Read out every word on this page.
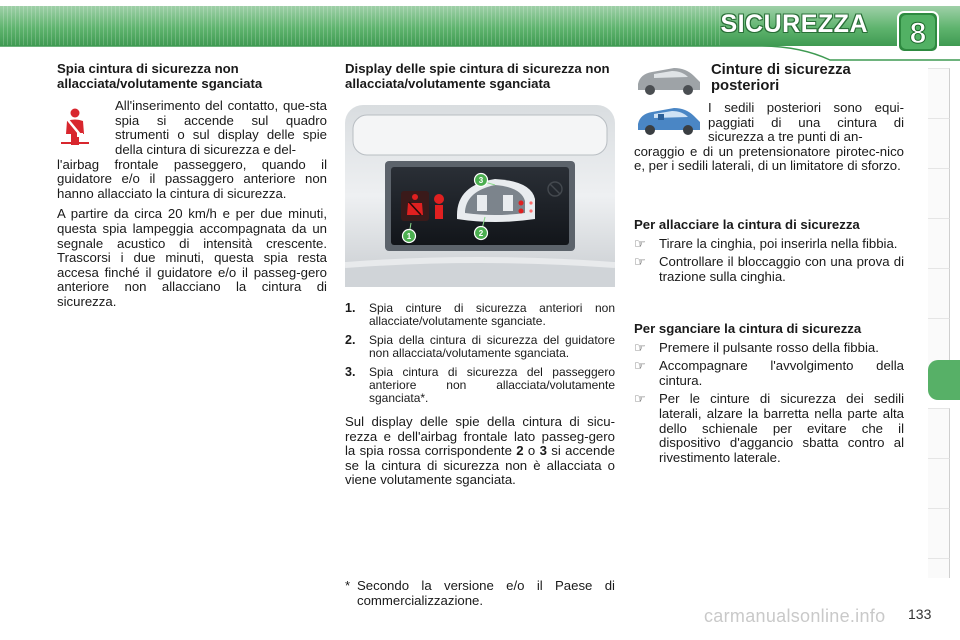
SICUREZZA 8
Spia cintura di sicurezza non allacciata/volutamente sganciata
All'inserimento del contatto, que-sta spia si accende sul quadro strumenti o sul display delle spie della cintura di sicurezza e del-
l'airbag frontale passeggero, quando il guidatore e/o il passaggero anteriore non hanno allacciato la cintura di sicurezza.
A partire da circa 20 km/h e per due minuti, questa spia lampeggia accompagnata da un segnale acustico di intensità crescente. Trascorsi i due minuti, questa spia resta accesa finché il guidatore e/o il passeg-gero anteriore non allacciano la cintura di sicurezza.
Display delle spie cintura di sicurezza non allacciata/volutamente sganciata
1	2
3
1.	Spia cinture di sicurezza anteriori non allacciate/volutamente sganciate.
2.	Spia della cintura di sicurezza del guidatore non allacciata/volutamente sganciata.
3.	Spia cintura di sicurezza del passeggero anteriore non allacciata/volutamente sganciata*.
Sul display delle spie della cintura di sicu-rezza e dell'airbag frontale lato passeg-gero la spia rossa corrispondente 2 o 3 si accende se la cintura di sicurezza non è allacciata o viene volutamente sganciata.
* Secondo la versione e/o il Paese di commercializzazione.
Cinture di sicurezza posteriori
I sedili posteriori sono equi-paggiati di una cintura di sicurezza a tre punti di an-
coraggio e di un pretensionatore pirotec-nico e, per i sedili laterali, di un limitatore di sforzo.
Per allacciare la cintura di sicurezza
☞	Tirare la cinghia, poi inserirla nella fibbia.
☞	Controllare il bloccaggio con una prova di trazione sulla cinghia.
Per sganciare la cintura di sicurezza
☞	Premere il pulsante rosso della fibbia.
☞	Accompagnare l'avvolgimento della cintura.
☞	Per le cinture di sicurezza dei sedili laterali, alzare la barretta nella parte alta dello schienale per evitare che il dispositivo d'aggancio sbatta contro al rivestimento laterale.
carmanualsonline.info 133
